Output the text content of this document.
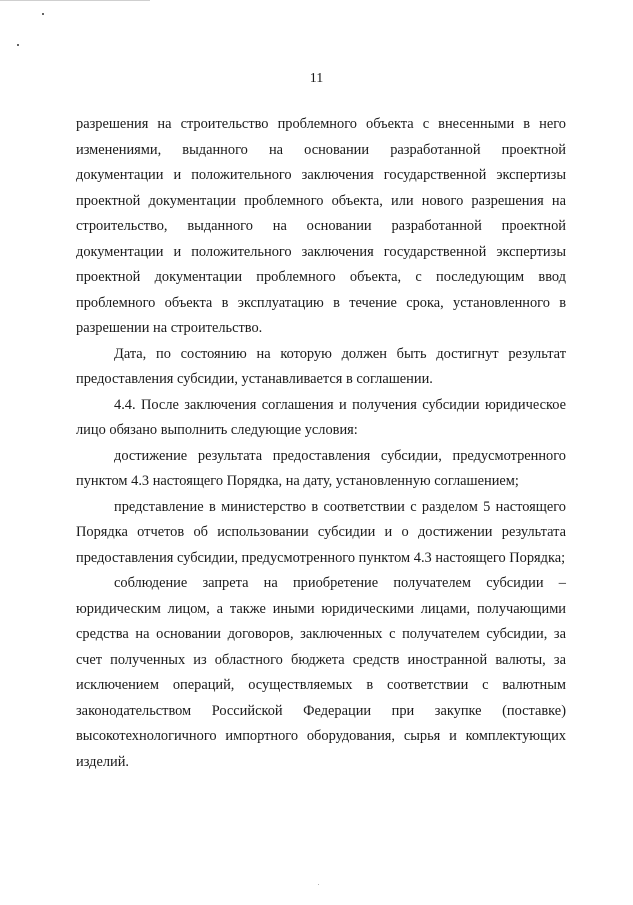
11

разрешения на строительство проблемного объекта с внесенными в него изменениями, выданного на основании разработанной проектной документации и положительного заключения государственной экспертизы проектной документации проблемного объекта, или нового разрешения на строительство, выданного на основании разработанной проектной документации и положительного заключения государственной экспертизы проектной документации проблемного объекта, с последующим ввод проблемного объекта в эксплуатацию в течение срока, установленного в разрешении на строительство.

Дата, по состоянию на которую должен быть достигнут результат предоставления субсидии, устанавливается в соглашении.

4.4. После заключения соглашения и получения субсидии юридическое лицо обязано выполнить следующие условия:

достижение результата предоставления субсидии, предусмотренного пунктом 4.3 настоящего Порядка, на дату, установленную соглашением;

представление в министерство в соответствии с разделом 5 настоящего Порядка отчетов об использовании субсидии и о достижении результата предоставления субсидии, предусмотренного пунктом 4.3 настоящего Порядка;

соблюдение запрета на приобретение получателем субсидии – юридическим лицом, а также иными юридическими лицами, получающими средства на основании договоров, заключенных с получателем субсидии, за счет полученных из областного бюджета средств иностранной валюты, за исключением операций, осуществляемых в соответствии с валютным законодательством Российской Федерации при закупке (поставке) высокотехнологичного импортного оборудования, сырья и комплектующих изделий.
